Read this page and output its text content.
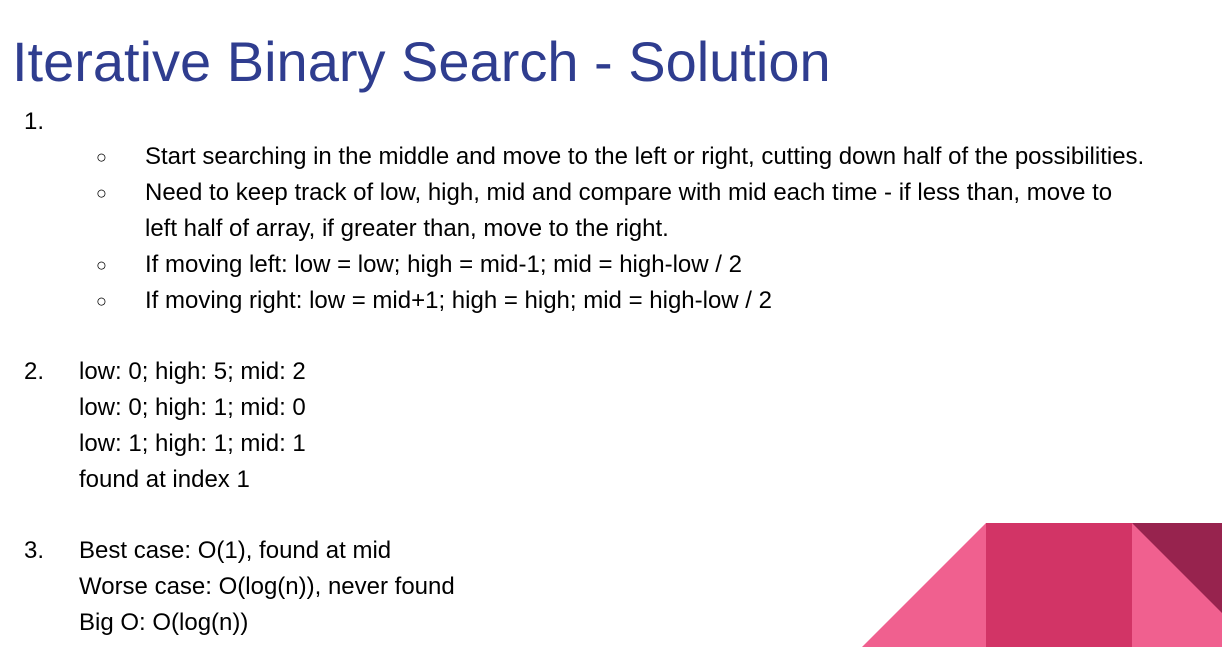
Iterative Binary Search - Solution
1.
○ Start searching in the middle and move to the left or right, cutting down half of the possibilities.
○ Need to keep track of low, high, mid and compare with mid each time - if less than, move to
left half of array, if greater than, move to the right.
○ If moving left: low = low; high = mid-1; mid = high-low / 2
○ If moving right: low = mid+1; high = high; mid = high-low / 2
2. low: 0; high: 5; mid: 2
low: 0; high: 1; mid: 0
low: 1; high: 1; mid: 1
found at index 1
3. Best case: O(1), found at mid
Worse case: O(log(n)), never found
Big O: O(log(n))
